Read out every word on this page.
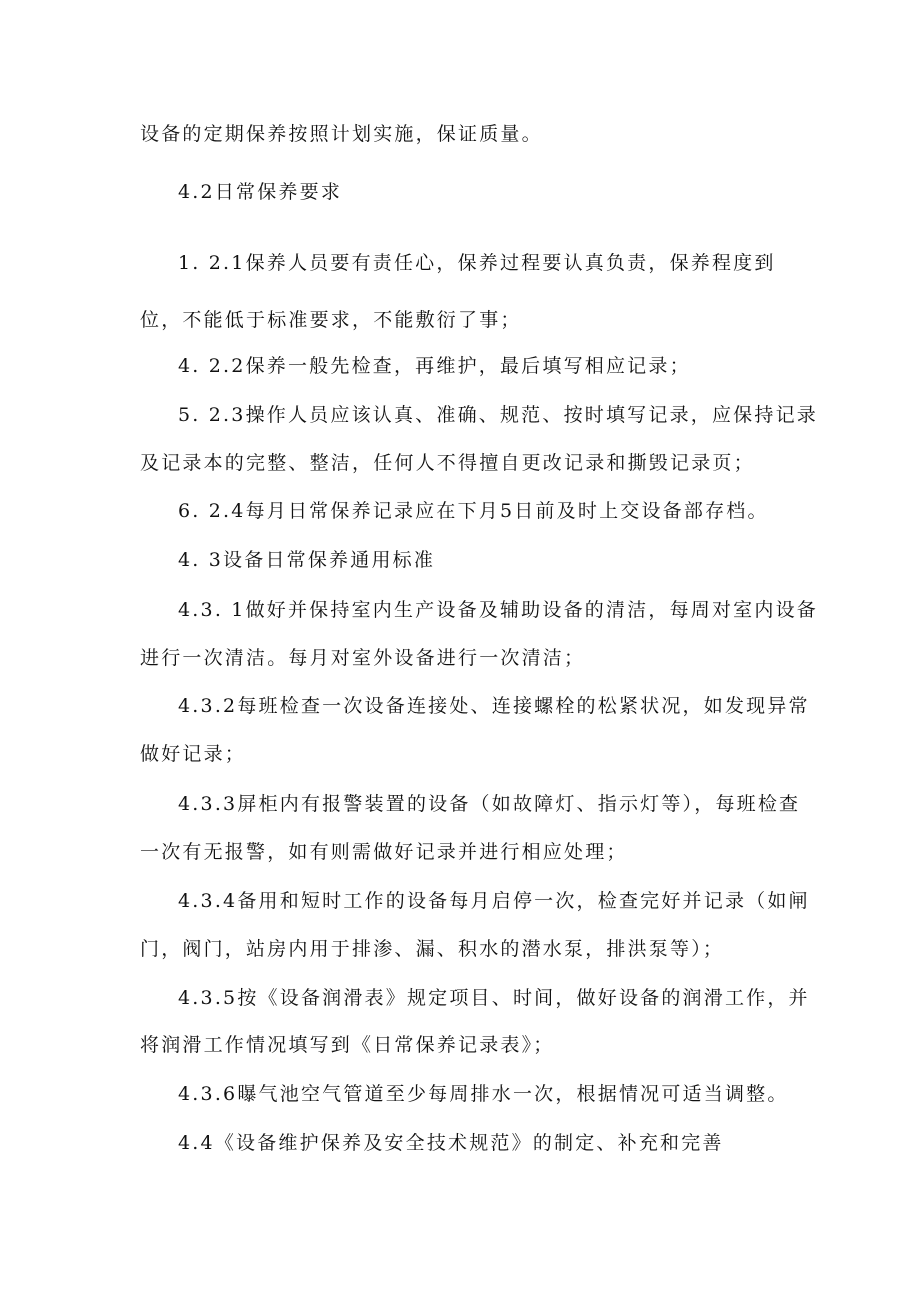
设备的定期保养按照计划实施，保证质量。
4.2日常保养要求
1. 2.1保养人员要有责任心，保养过程要认真负责，保养程度到
位，不能低于标准要求，不能敷衍了事；
4. 2.2保养一般先检查，再维护，最后填写相应记录；
5. 2.3操作人员应该认真、准确、规范、按时填写记录，应保持记录
及记录本的完整、整洁，任何人不得擅自更改记录和撕毁记录页；
6. 2.4每月日常保养记录应在下月5日前及时上交设备部存档。
4. 3设备日常保养通用标准
4.3. 1做好并保持室内生产设备及辅助设备的清洁，每周对室内设备
进行一次清洁。每月对室外设备进行一次清洁；
4.3.2每班检查一次设备连接处、连接螺栓的松紧状况，如发现异常
做好记录；
4.3.3屏柜内有报警装置的设备（如故障灯、指示灯等），每班检查
一次有无报警，如有则需做好记录并进行相应处理；
4.3.4备用和短时工作的设备每月启停一次，检查完好并记录（如闸
门，阀门，站房内用于排渗、漏、积水的潜水泵，排洪泵等）；
4.3.5按《设备润滑表》规定项目、时间，做好设备的润滑工作，并
将润滑工作情况填写到《日常保养记录表》；
4.3.6曝气池空气管道至少每周排水一次，根据情况可适当调整。
4.4《设备维护保养及安全技术规范》的制定、补充和完善
